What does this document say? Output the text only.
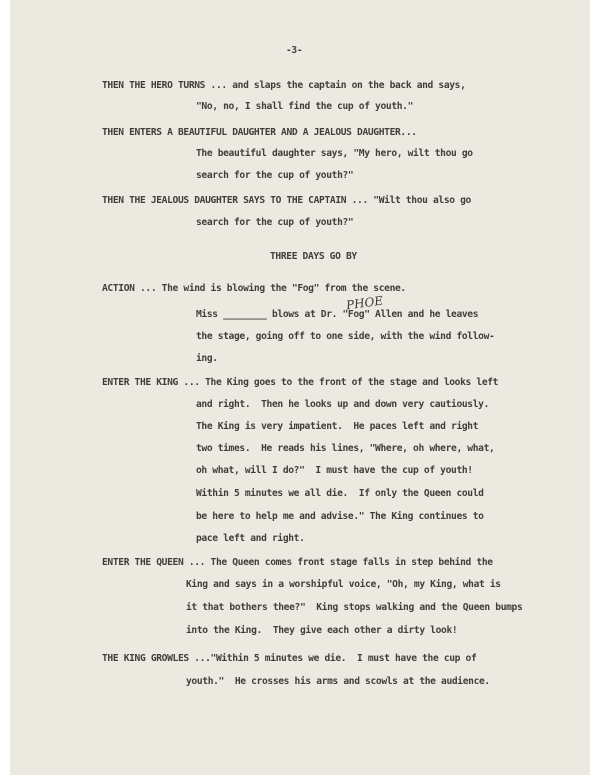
-3-
THEN THE HERO TURNS ... and slaps the captain on the back and says,
"No, no, I shall find the cup of youth."
THEN ENTERS A BEAUTIFUL DAUGHTER AND A JEALOUS DAUGHTER...
The beautiful daughter says, "My hero, wilt thou go
search for the cup of youth?"
THEN THE JEALOUS DAUGHTER SAYS TO THE CAPTAIN ... "Wilt thou also go
search for the cup of youth?"
THREE DAYS GO BY
ACTION ... The wind is blowing the "Fog" from the scene.
PHOE
Miss ________ blows at Dr. "Fog" Allen and he leaves
the stage, going off to one side, with the wind follow-
ing.
ENTER THE KING ... The King goes to the front of the stage and looks left
and right.  Then he looks up and down very cautiously.
The King is very impatient.  He paces left and right
two times.  He reads his lines, "Where, oh where, what,
oh what, will I do?"  I must have the cup of youth!
Within 5 minutes we all die.  If only the Queen could
be here to help me and advise." The King continues to
pace left and right.
ENTER THE QUEEN ... The Queen comes front stage falls in step behind the
King and says in a worshipful voice, "Oh, my King, what is
it that bothers thee?"  King stops walking and the Queen bumps
into the King.  They give each other a dirty look!
THE KING GROWLES ..."Within 5 minutes we die.  I must have the cup of
youth."  He crosses his arms and scowls at the audience.
